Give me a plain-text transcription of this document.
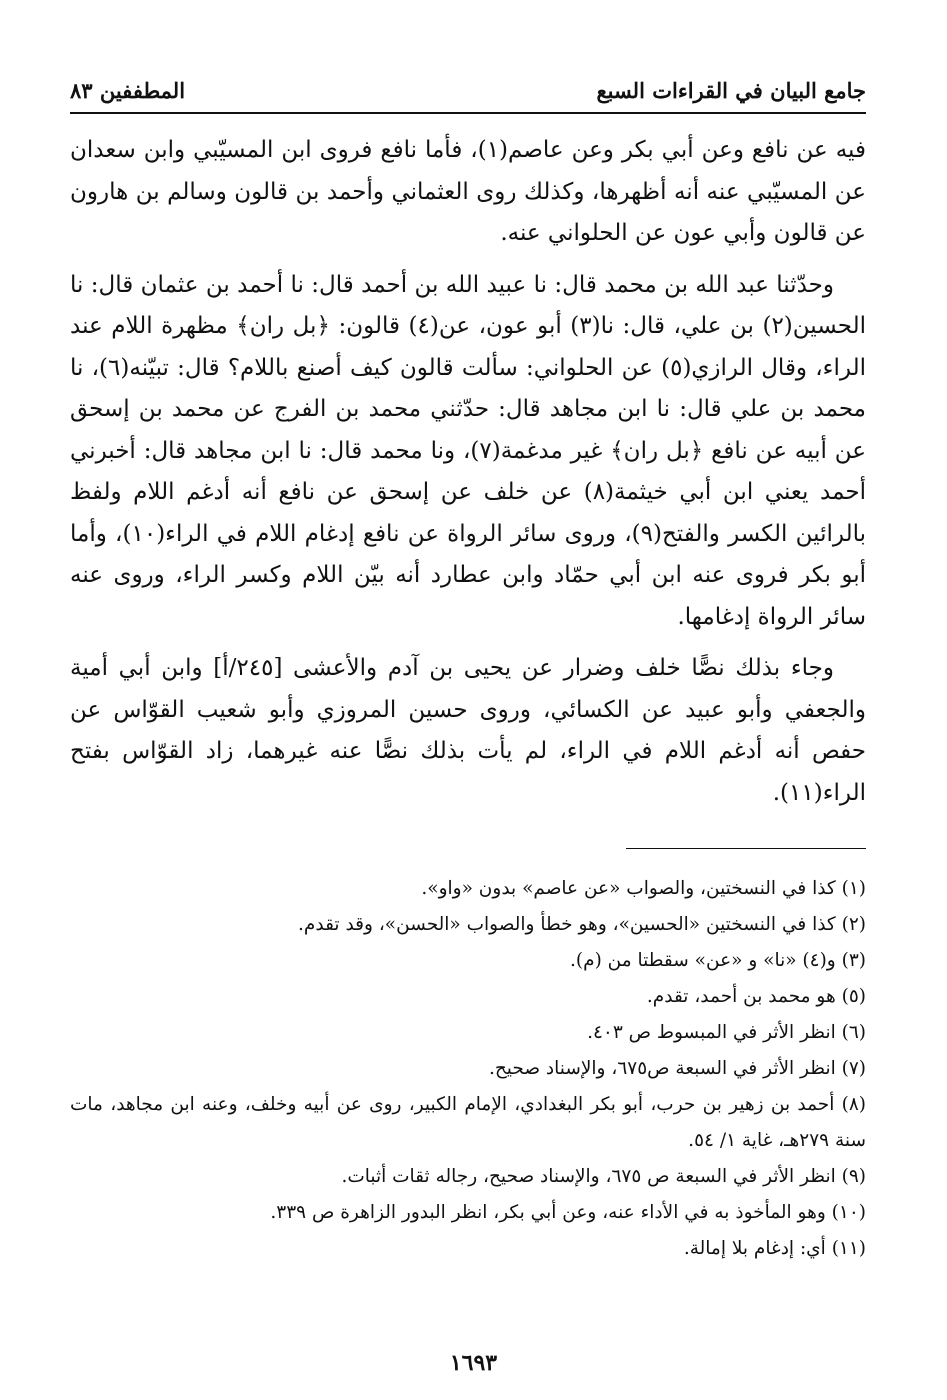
جامع البيان في القراءات السبع
المطففين ٨٣

فيه عن نافع وعن أبي بكر وعن عاصم(١)، فأما نافع فروى ابن المسيّبي وابن سعدان عن المسيّبي عنه أنه أظهرها، وكذلك روى العثماني وأحمد بن قالون وسالم بن هارون عن قالون وأبي عون عن الحلواني عنه.

وحدّثنا عبد الله بن محمد قال: نا عبيد الله بن أحمد قال: نا أحمد بن عثمان قال: نا الحسين(٢) بن علي، قال: نا(٣) أبو عون، عن(٤) قالون: ﴿بل ران﴾ مظهرة اللام عند الراء، وقال الرازي(٥) عن الحلواني: سألت قالون كيف أصنع باللام؟ قال: تبيّنه(٦)، نا محمد بن علي قال: نا ابن مجاهد قال: حدّثني محمد بن الفرج عن محمد بن إسحق عن أبيه عن نافع ﴿بل ران﴾ غير مدغمة(٧)، ونا محمد قال: نا ابن مجاهد قال: أخبرني أحمد يعني ابن أبي خيثمة(٨) عن خلف عن إسحق عن نافع أنه أدغم اللام ولفظ بالرائين الكسر والفتح(٩)، وروى سائر الرواة عن نافع إدغام اللام في الراء(١٠)، وأما أبو بكر فروى عنه ابن أبي حمّاد وابن عطارد أنه بيّن اللام وكسر الراء، وروى عنه سائر الرواة إدغامها.

وجاء بذلك نصًّا خلف وضرار عن يحيى بن آدم والأعشى [٢٤٥/أ] وابن أبي أمية والجعفي وأبو عبيد عن الكسائي، وروى حسين المروزي وأبو شعيب القوّاس عن حفص أنه أدغم اللام في الراء، لم يأت بذلك نصًّا عنه غيرهما، زاد القوّاس بفتح الراء(١١).

(١) كذا في النسختين، والصواب «عن عاصم» بدون «واو».

(٢) كذا في النسختين «الحسين»، وهو خطأ والصواب «الحسن»، وقد تقدم.

(٣) و(٤) «نا» و «عن» سقطتا من (م).

(٥) هو محمد بن أحمد، تقدم.

(٦) انظر الأثر في المبسوط ص ٤٠٣.

(٧) انظر الأثر في السبعة ص٦٧٥، والإسناد صحيح.

(٨) أحمد بن زهير بن حرب، أبو بكر البغدادي، الإمام الكبير، روى عن أبيه وخلف، وعنه ابن مجاهد، مات سنة ٢٧٩هـ، غاية ١/ ٥٤.

(٩) انظر الأثر في السبعة ص ٦٧٥، والإسناد صحيح، رجاله ثقات أثبات.

(١٠) وهو المأخوذ به في الأداء عنه، وعن أبي بكر، انظر البدور الزاهرة ص ٣٣٩.

(١١) أي: إدغام بلا إمالة.

١٦٩٣
